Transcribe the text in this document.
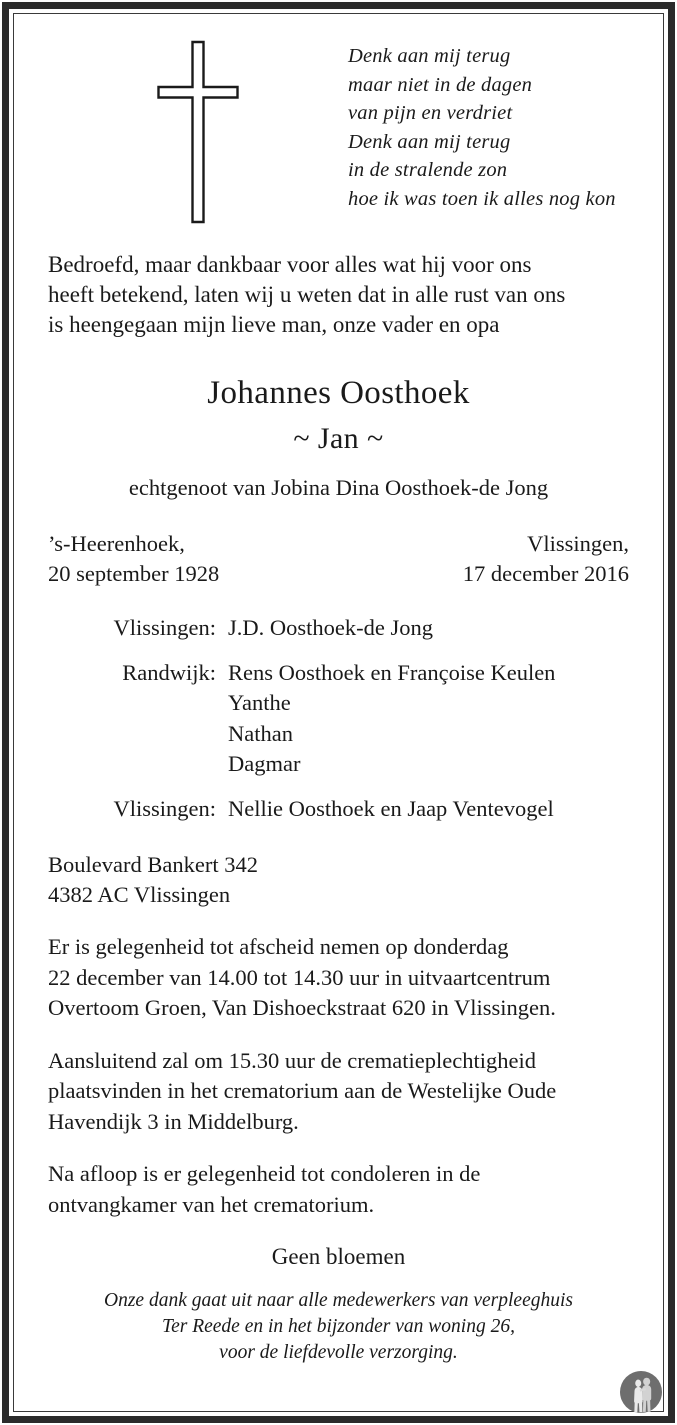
Denk aan mij terug
maar niet in de dagen
van pijn en verdriet
Denk aan mij terug
in de stralende zon
hoe ik was toen ik alles nog kon
Bedroefd, maar dankbaar voor alles wat hij voor ons
heeft betekend, laten wij u weten dat in alle rust van ons
is heengegaan mijn lieve man, onze vader en opa
Johannes Oosthoek
~ Jan ~
echtgenoot van Jobina Dina Oosthoek-de Jong
’s-Heerenhoek,
20 september 1928
Vlissingen,
17 december 2016
Vlissingen:	J.D. Oosthoek-de Jong

Randwijk:	Rens Oosthoek en Françoise Keulen
Yanthe
Nathan
Dagmar

Vlissingen:	Nellie Oosthoek en Jaap Ventevogel
Boulevard Bankert 342
4382 AC Vlissingen
Er is gelegenheid tot afscheid nemen op donderdag
22 december van 14.00 tot 14.30 uur in uitvaartcentrum
Overtoom Groen, Van Dishoeckstraat 620 in Vlissingen.
Aansluitend zal om 15.30 uur de crematieplechtigheid
plaatsvinden in het crematorium aan de Westelijke Oude
Havendijk 3 in Middelburg.
Na afloop is er gelegenheid tot condoleren in de
ontvangkamer van het crematorium.
Geen bloemen
Onze dank gaat uit naar alle medewerkers van verpleeghuis
Ter Reede en in het bijzonder van woning 26,
voor de liefdevolle verzorging.
